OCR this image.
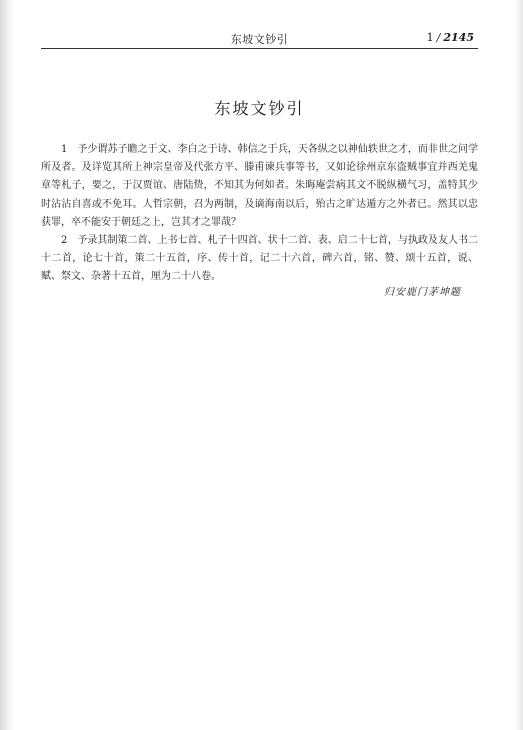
东坡文钞引	1 / 2145
东坡文钞引

1　予少谓苏子瞻之于文、李白之于诗、韩信之于兵，天各纵之以神仙轶世之才，而非世之问学所及者。及详览其所上神宗皇帝及代张方平、滕甫谏兵事等书，又如论徐州京东盗贼事宜并西羌鬼章等札子，要之，于汉贾谊、唐陆贽，不知其为何如者。朱晦庵尝病其文不脱纵横气习，盖特其少时沾沾自喜或不免耳。人哲宗朝，召为两制，及谪海南以后，殆古之旷达遁方之外者已。然其以忠获罪，卒不能安于朝廷之上，岂其才之罪哉？

2　予录其制策二首、上书七首、札子十四首、状十二首、表、启二十七首，与执政及友人书二十二首，论七十首，策二十五首，序、传十首，记二十六首，碑六首，铭、赞、颂十五首，说、赋、祭文、杂著十五首，厘为二十八卷。

归安鹿门茅坤题
